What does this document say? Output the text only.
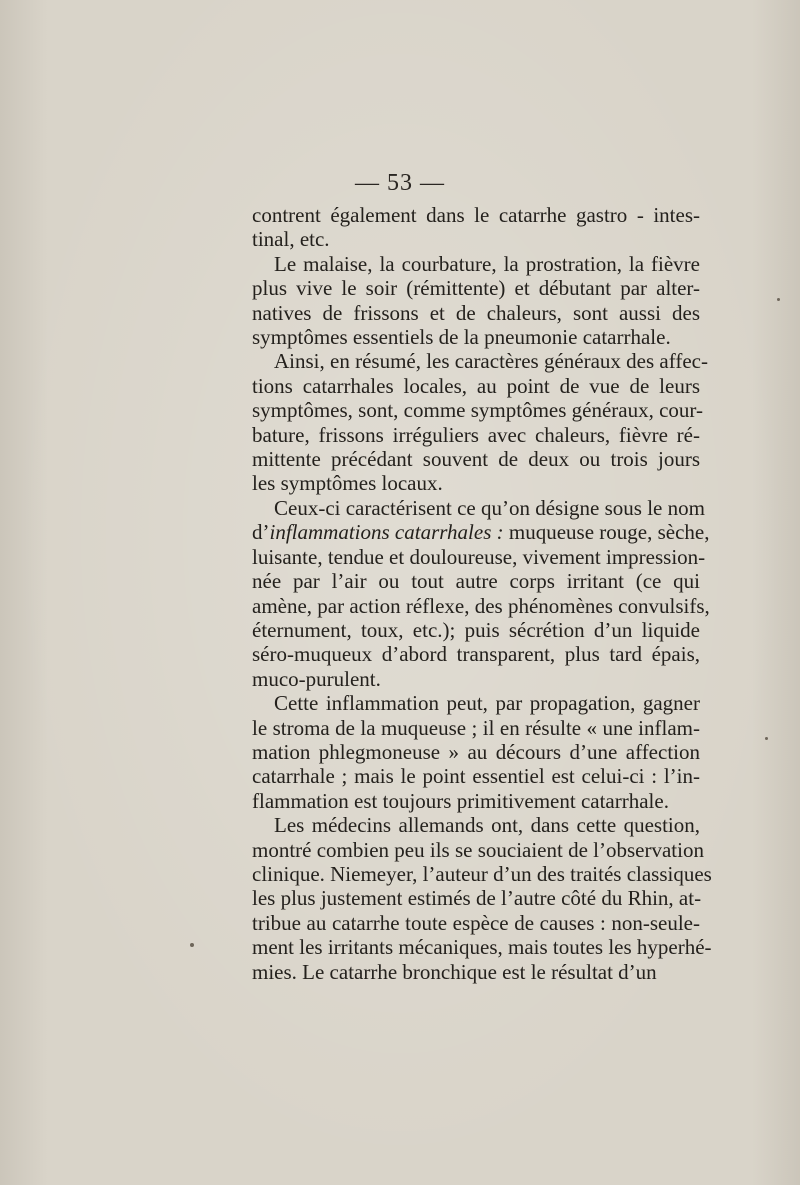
— 53 —

contrent également dans le catarrhe gastro - intes-
tinal, etc.

Le malaise, la courbature, la prostration, la fièvre
plus vive le soir (rémittente) et débutant par alter-
natives de frissons et de chaleurs, sont aussi des
symptômes essentiels de la pneumonie catarrhale.

Ainsi, en résumé, les caractères généraux des affec-
tions catarrhales locales, au point de vue de leurs
symptômes, sont, comme symptômes généraux, cour-
bature, frissons irréguliers avec chaleurs, fièvre ré-
mittente précédant souvent de deux ou trois jours
les symptômes locaux.

Ceux-ci caractérisent ce qu’on désigne sous le nom
d’inflammations catarrhales : muqueuse rouge, sèche,
luisante, tendue et douloureuse, vivement impression-
née par l’air ou tout autre corps irritant (ce qui
amène, par action réflexe, des phénomènes convulsifs,
éternument, toux, etc.); puis sécrétion d’un liquide
séro-muqueux d’abord transparent, plus tard épais,
muco-purulent.

Cette inflammation peut, par propagation, gagner
le stroma de la muqueuse ; il en résulte « une inflam-
mation phlegmoneuse » au décours d’une affection
catarrhale ; mais le point essentiel est celui-ci : l’in-
flammation est toujours primitivement catarrhale.

Les médecins allemands ont, dans cette question,
montré combien peu ils se souciaient de l’observation
clinique. Niemeyer, l’auteur d’un des traités classiques
les plus justement estimés de l’autre côté du Rhin, at-
tribue au catarrhe toute espèce de causes : non-seule-
ment les irritants mécaniques, mais toutes les hyperhé-
mies. Le catarrhe bronchique est le résultat d’un
